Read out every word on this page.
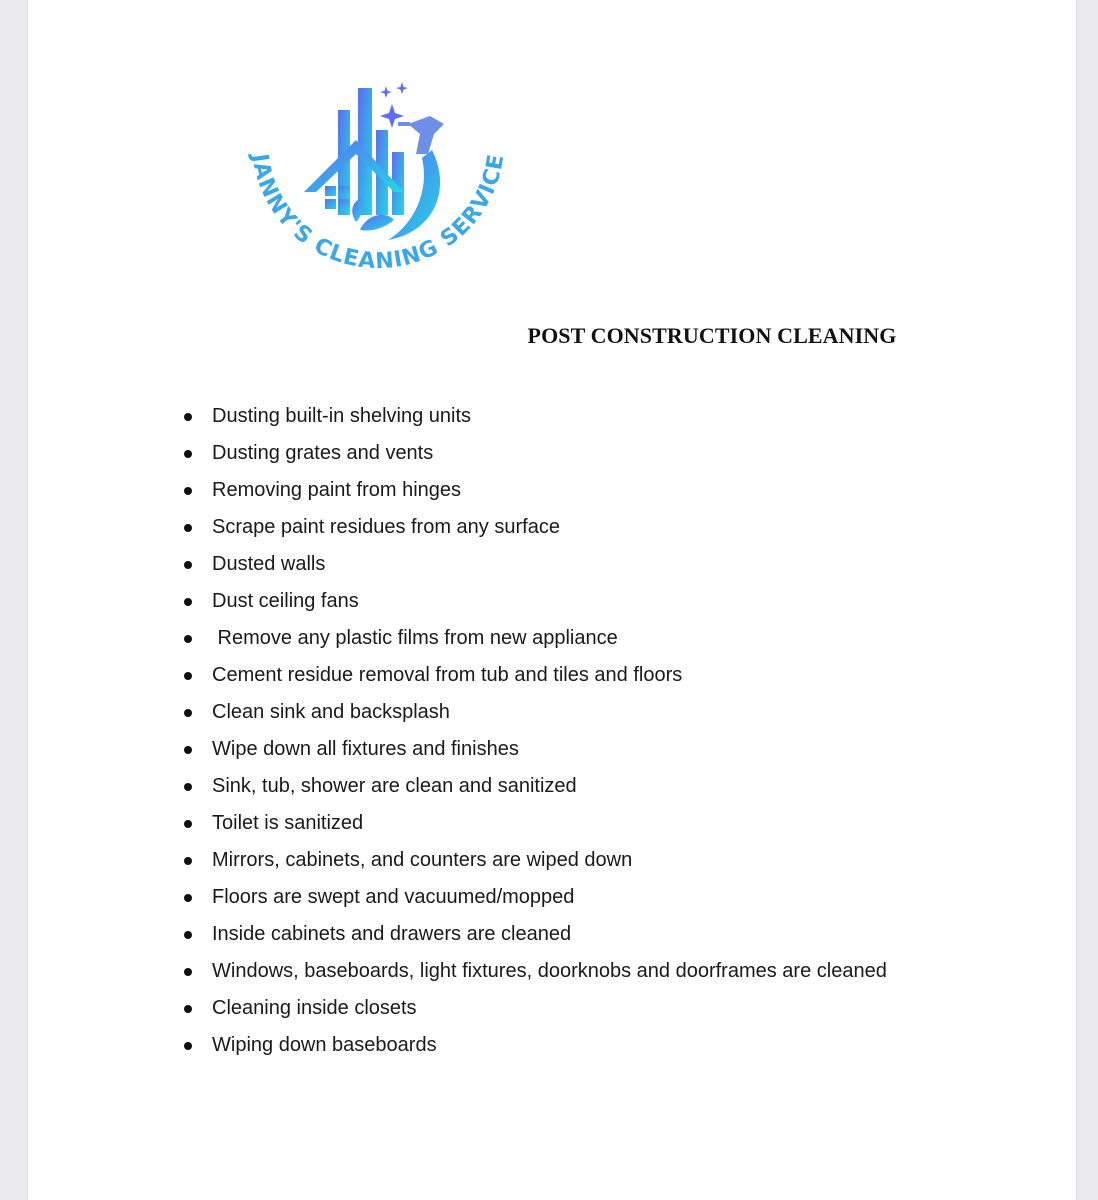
JANNY'S CLEANING SERVICE
POST CONSTRUCTION CLEANING
Dusting built-in shelving units
Dusting grates and vents
Removing paint from hinges
Scrape paint residues from any surface
Dusted walls
Dust ceiling fans
Remove any plastic films from new appliance
Cement residue removal from tub and tiles and floors
Clean sink and backsplash
Wipe down all fixtures and finishes
Sink, tub, shower are clean and sanitized
Toilet is sanitized
Mirrors, cabinets, and counters are wiped down
Floors are swept and vacuumed/mopped
Inside cabinets and drawers are cleaned
Windows, baseboards, light fixtures, doorknobs and doorframes are cleaned
Cleaning inside closets
Wiping down baseboards
